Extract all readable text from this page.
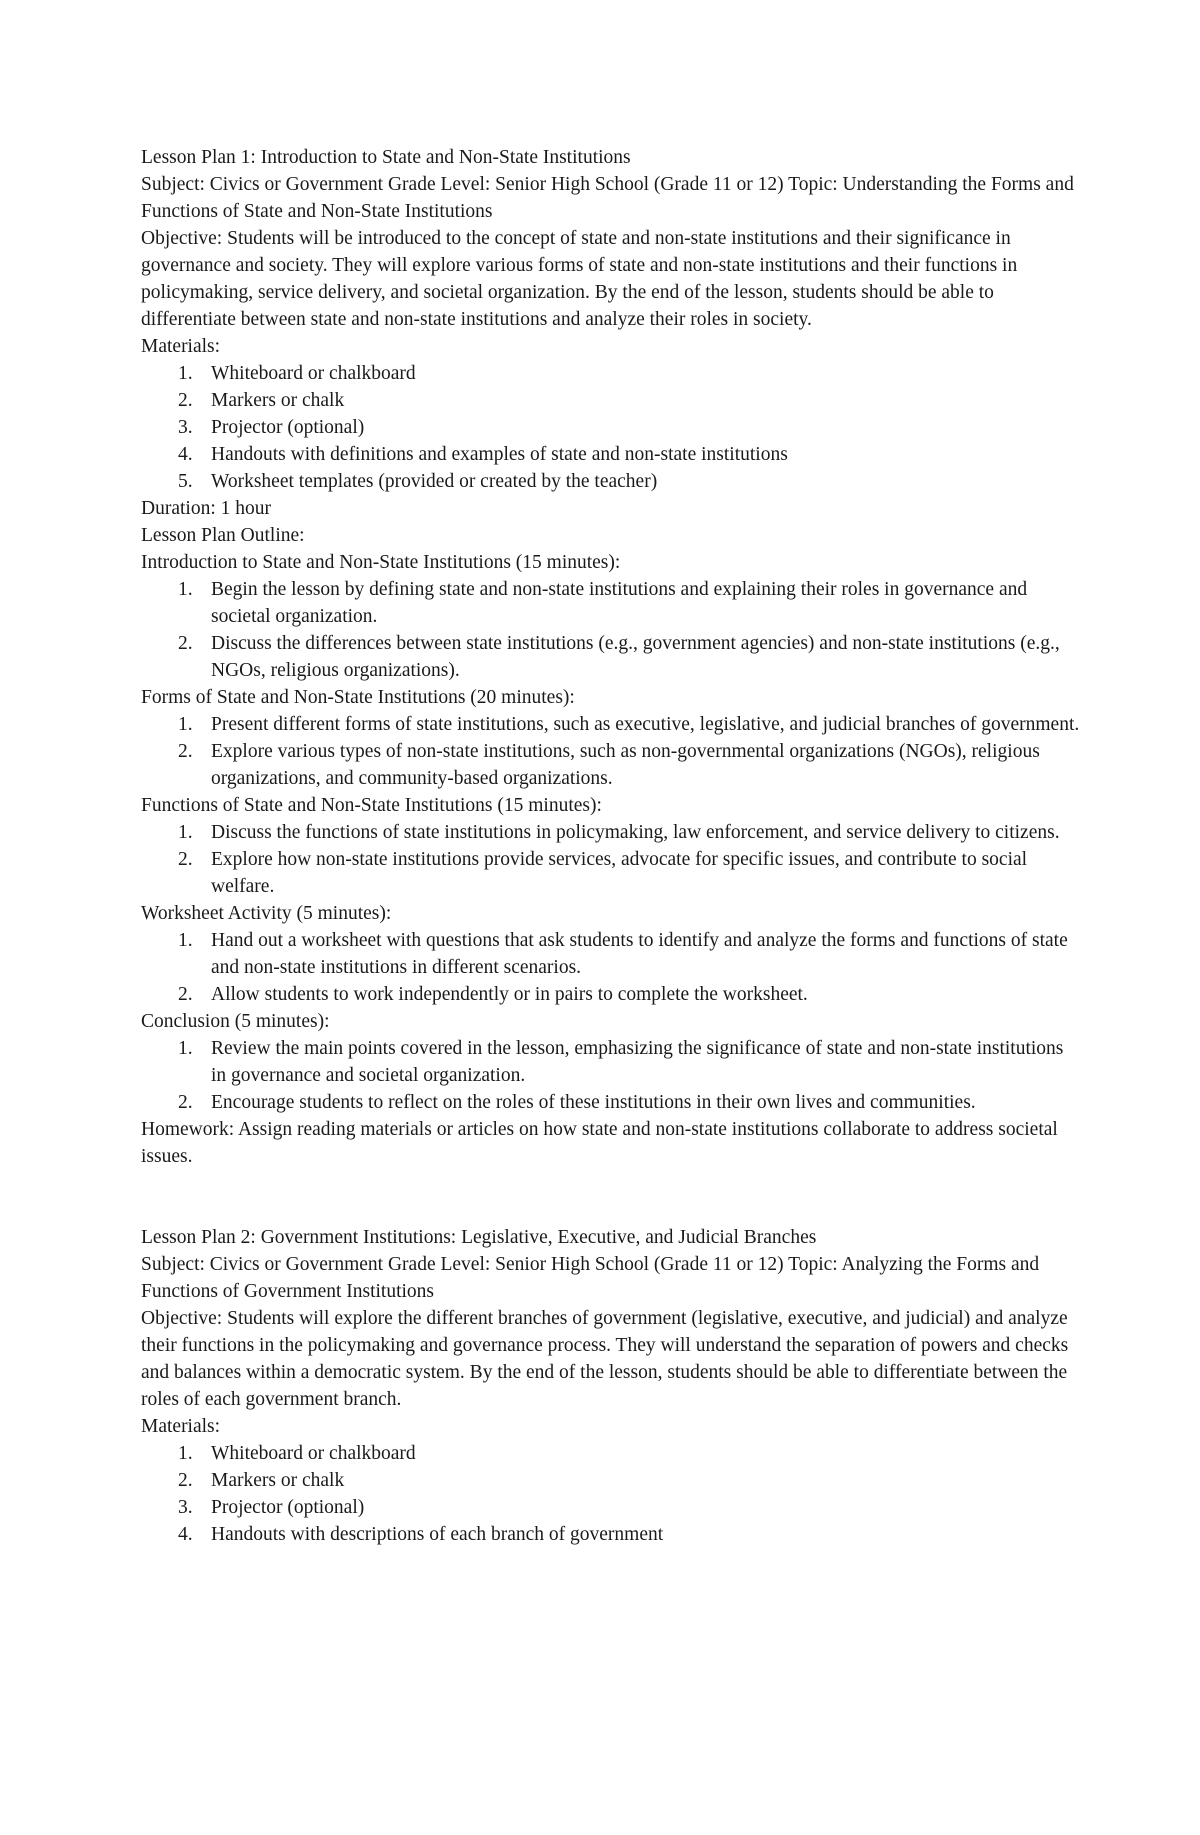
Lesson Plan 1: Introduction to State and Non-State Institutions

Subject: Civics or Government Grade Level: Senior High School (Grade 11 or 12) Topic: Understanding the Forms and Functions of State and Non-State Institutions

Objective: Students will be introduced to the concept of state and non-state institutions and their significance in governance and society. They will explore various forms of state and non-state institutions and their functions in policymaking, service delivery, and societal organization. By the end of the lesson, students should be able to differentiate between state and non-state institutions and analyze their roles in society.

Materials:

1. Whiteboard or chalkboard
2. Markers or chalk
3. Projector (optional)
4. Handouts with definitions and examples of state and non-state institutions
5. Worksheet templates (provided or created by the teacher)

Duration: 1 hour

Lesson Plan Outline:

Introduction to State and Non-State Institutions (15 minutes):

1. Begin the lesson by defining state and non-state institutions and explaining their roles in governance and societal organization.
2. Discuss the differences between state institutions (e.g., government agencies) and non-state institutions (e.g., NGOs, religious organizations).

Forms of State and Non-State Institutions (20 minutes):

1. Present different forms of state institutions, such as executive, legislative, and judicial branches of government.
2. Explore various types of non-state institutions, such as non-governmental organizations (NGOs), religious organizations, and community-based organizations.

Functions of State and Non-State Institutions (15 minutes):

1. Discuss the functions of state institutions in policymaking, law enforcement, and service delivery to citizens.
2. Explore how non-state institutions provide services, advocate for specific issues, and contribute to social welfare.

Worksheet Activity (5 minutes):

1. Hand out a worksheet with questions that ask students to identify and analyze the forms and functions of state and non-state institutions in different scenarios.
2. Allow students to work independently or in pairs to complete the worksheet.

Conclusion (5 minutes):

1. Review the main points covered in the lesson, emphasizing the significance of state and non-state institutions in governance and societal organization.
2. Encourage students to reflect on the roles of these institutions in their own lives and communities.

Homework: Assign reading materials or articles on how state and non-state institutions collaborate to address societal issues.

Lesson Plan 2: Government Institutions: Legislative, Executive, and Judicial Branches

Subject: Civics or Government Grade Level: Senior High School (Grade 11 or 12) Topic: Analyzing the Forms and Functions of Government Institutions

Objective: Students will explore the different branches of government (legislative, executive, and judicial) and analyze their functions in the policymaking and governance process. They will understand the separation of powers and checks and balances within a democratic system. By the end of the lesson, students should be able to differentiate between the roles of each government branch.

Materials:

1. Whiteboard or chalkboard
2. Markers or chalk
3. Projector (optional)
4. Handouts with descriptions of each branch of government
